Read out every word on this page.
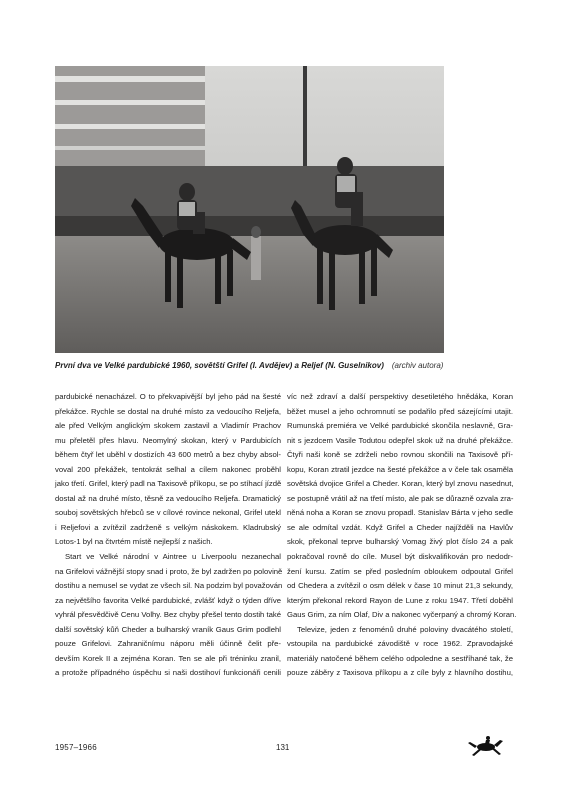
První dva ve Velké pardubické 1960, sovětští Grifel (I. Avdějev) a Reljef (N. Guselnikov) (archiv autora)
pardubické nenacházel. O to překvapivější byl jeho pád na šesté
překážce. Rychle se dostal na druhé místo za vedoucího Reljefa,
ale před Velkým anglickým skokem zastavil a Vladimír Prachov
mu přeletěl přes hlavu. Neomylný skokan, který v Pardubicích
během čtyř let uběhl v dostizích 43 600 metrů a bez chyby absol-
voval 200 překážek, tentokrát selhal a cílem nakonec proběhl
jako třetí. Grifel, který padl na Taxisově příkopu, se po stíhací jízdě
dostal až na druhé místo, těsně za vedoucího Reljefa. Dramatický
souboj sovětských hřebců se v cílové rovince nekonal, Grifel utekl
i Reljefovi a zvítězil zadrženě s velkým náskokem. Kladrubský
Lotos-1 byl na čtvrtém místě nejlepší z našich.
Start ve Velké národní v Aintree u Liverpoolu nezanechal
na Grifelovi vážnější stopy snad i proto, že byl zadržen po polovině
dostihu a nemusel se vydat ze všech sil. Na podzim byl považován
za největšího favorita Velké pardubické, zvlášť když o týden dříve
vyhrál přesvědčivě Cenu Volhy. Bez chyby přešel tento dostih také
další sovětský kůň Cheder a bulharský vraník Gaus Grim podlehl
pouze Grifelovi. Zahraničnímu náporu měli účinně čelit pře-
devším Korek II a zejména Koran. Ten se ale při tréninku zranil,
a protože případného úspěchu si naši dostihoví funkcionáři cenili
víc než zdraví a další perspektivy desetiletého hnědáka, Koran
běžet musel a jeho ochromnutí se podařilo před sázejícími utajit.
Rumunská premiéra ve Velké pardubické skončila neslavně, Gra-
nit s jezdcem Vasile Todutou odepřel skok už na druhé překážce.
Čtyři naši koně se zdrželi nebo rovnou skončili na Taxisově pří-
kopu, Koran ztratil jezdce na šesté překážce a v čele tak osaměla
sovětská dvojice Grifel a Cheder. Koran, který byl znovu nasednut,
se postupně vrátil až na třetí místo, ale pak se důrazně ozvala zra-
něná noha a Koran se znovu propadl. Stanislav Bárta v jeho sedle
se ale odmítal vzdát. Když Grifel a Cheder najížděli na Havlův
skok, překonal teprve bulharský Vomag živý plot číslo 24 a pak
pokračoval rovně do cíle. Musel být diskvalifikován pro nedodr-
žení kursu. Zatím se před posledním obloukem odpoutal Grifel
od Chedera a zvítězil o osm délek v čase 10 minut 21,3 sekundy,
kterým překonal rekord Rayon de Lune z roku 1947. Třetí doběhl
Gaus Grim, za ním Olaf, Div a nakonec vyčerpaný a chromý Koran.
Televize, jeden z fenoménů druhé poloviny dvacátého století,
vstoupila na pardubické závodiště v roce 1962. Zpravodajské
materiály natočené během celého odpoledne a sestříhané tak, že
pouze záběry z Taxisova příkopu a z cíle byly z hlavního dostihu,
1957–1966	131
